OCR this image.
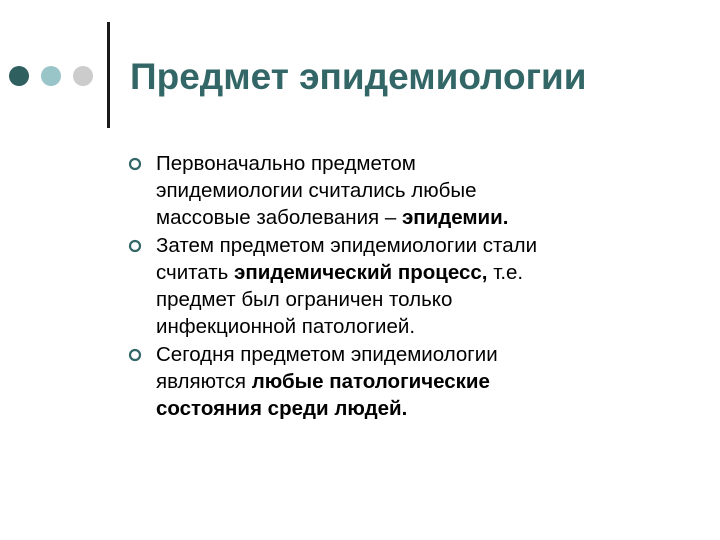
Предмет эпидемиологии
Первоначально предметом
эпидемиологии считались любые
массовые заболевания – эпидемии.
Затем предметом эпидемиологии стали
считать эпидемический процесс, т.е.
предмет был ограничен только
инфекционной патологией.
Сегодня предметом эпидемиологии
являются любые патологические
состояния среди людей.
